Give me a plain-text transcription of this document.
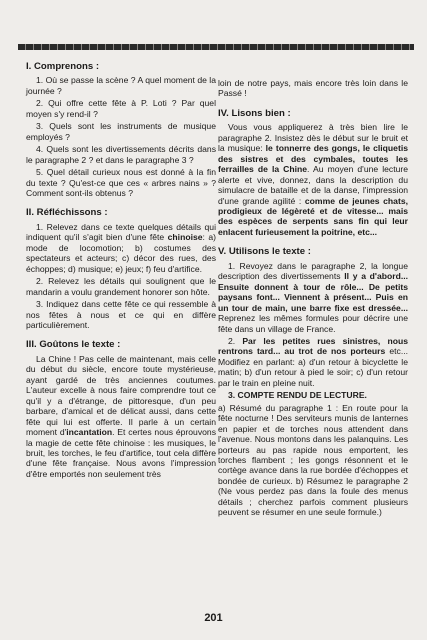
I. Comprenons :

1. Où se passe la scène ? A quel moment de la journée ?

2. Qui offre cette fête à P. Loti ? Par quel moyen s'y rend-il ?

3. Quels sont les instruments de musique employés ?

4. Quels sont les divertissements décrits dans le paragraphe 2 ? et dans le paragraphe 3 ?

5. Quel détail curieux nous est donné à la fin du texte ? Qu'est-ce que ces « arbres nains » ? Comment sont-ils obtenus ?

II. Réfléchissons :

1. Relevez dans ce texte quelques détails qui indiquent qu'il s'agit bien d'une fête chinoise: a) mode de locomotion; b) costumes des spectateurs et acteurs; c) décor des rues, des échoppes; d) musique; e) jeux; f) feu d'artifice.

2. Relevez les détails qui soulignent que le mandarin a voulu grandement honorer son hôte.

3. Indiquez dans cette fête ce qui ressemble à nos fêtes à nous et ce qui en diffère particulièrement.

III. Goûtons le texte :

La Chine ! Pas celle de maintenant, mais celle du début du siècle, encore toute mystérieuse, ayant gardé de très anciennes coutumes. L'auteur excelle à nous faire comprendre tout ce qu'il y a d'étrange, de pittoresque, d'un peu barbare, d'amical et de délicat aussi, dans cette fête qui lui est offerte. Il parle à un certain moment d'incantation. Et certes nous éprouvons la magie de cette fête chinoise : les musiques, le bruit, les torches, le feu d'artifice, tout cela diffère d'une fête française. Nous avons l'impression d'être emportés non seulement très

loin de notre pays, mais encore très loin dans le Passé !

IV. Lisons bien :

Vous vous appliquerez à très bien lire le paragraphe 2. Insistez dès le début sur le bruit et la musique: le tonnerre des gongs, le cliquetis des sistres et des cymbales, toutes les ferrailles de la Chine. Au moyen d'une lecture alerte et vive, donnez, dans la description du simulacre de bataille et de la danse, l'impression d'une grande agilité : comme de jeunes chats, prodigieux de légèreté et de vitesse... mais des espèces de serpents sans fin qui leur enlacent furieusement la poitrine, etc...

V. Utilisons le texte :

1. Revoyez dans le paragraphe 2, la longue description des divertissements Il y a d'abord... Ensuite donnent à tour de rôle... De petits paysans font... Viennent à présent... Puis en un tour de main, une barre fixe est dressée... Reprenez les mêmes formules pour décrire une fête dans un village de France.

2. Par les petites rues sinistres, nous rentrons tard... au trot de nos porteurs etc... Modifiez en parlant: a) d'un retour à bicyclette le matin; b) d'un retour à pied le soir; c) d'un retour par le train en pleine nuit.

3. COMPTE RENDU DE LECTURE.

a) Résumé du paragraphe 1 : En route pour la fête nocturne ! Des serviteurs munis de lanternes en papier et de torches nous attendent dans l'avenue. Nous montons dans les palanquins. Les porteurs au pas rapide nous emportent, les torches flambent ; les gongs résonnent et le cortège avance dans la rue bordée d'échoppes et bondée de curieux. b) Résumez le paragraphe 2 (Ne vous perdez pas dans la foule des menus détails ; cherchez parfois comment plusieurs peuvent se résumer en une seule formule.)

201
